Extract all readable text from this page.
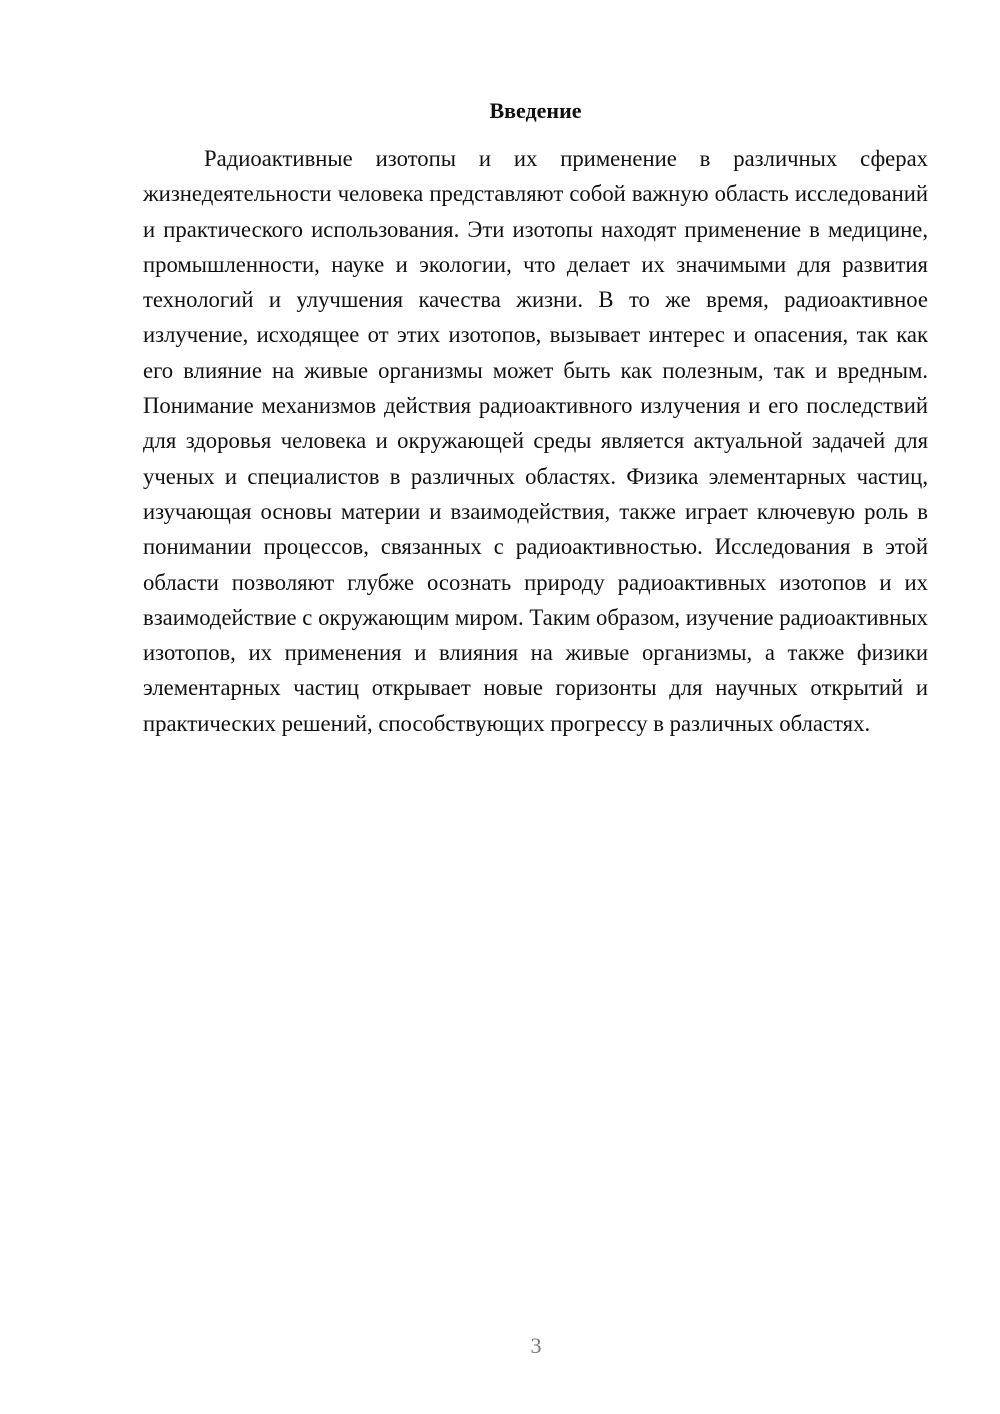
Введение

Радиоактивные изотопы и их применение в различных сферах жизнедеятельности человека представляют собой важную область исследований и практического использования. Эти изотопы находят применение в медицине, промышленности, науке и экологии, что делает их значимыми для развития технологий и улучшения качества жизни. В то же время, радиоактивное излучение, исходящее от этих изотопов, вызывает интерес и опасения, так как его влияние на живые организмы может быть как полезным, так и вредным. Понимание механизмов действия радиоактивного излучения и его последствий для здоровья человека и окружающей среды является актуальной задачей для ученых и специалистов в различных областях. Физика элементарных частиц, изучающая основы материи и взаимодействия, также играет ключевую роль в понимании процессов, связанных с радиоактивностью. Исследования в этой области позволяют глубже осознать природу радиоактивных изотопов и их взаимодействие с окружающим миром. Таким образом, изучение радиоактивных изотопов, их применения и влияния на живые организмы, а также физики элементарных частиц открывает новые горизонты для научных открытий и практических решений, способствующих прогрессу в различных областях.

3
